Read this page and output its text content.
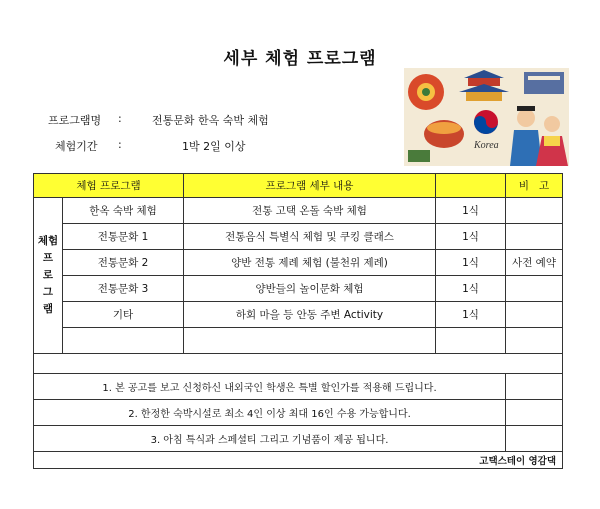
세부 체험 프로그램
프로그램명	:	전통문화 한옥 숙박 체험
체험기간	:	1박 2일 이상	Korea
체험 프로그램		프로그램 세부 내용		비   고
체험
프
로
그
램	한옥 숙박 체험	전통 고택 온돌 숙박 체험	1식	
	전통문화 1	전통음식 특별식 체험 및 쿠킹 클래스	1식	
	전통문화 2	양반 전통 제례 체험 (불천위 제례)	1식	사전 예약
	전통문화 3	양반들의 놀이문화 체험	1식	
	기타	하회 마을 등 안동 주변 Activity	1식	

1. 본 공고를 보고 신청하신 내외국인 학생은 특별 할인가를 적용해 드립니다.				
2. 한정한 숙박시설로 최소 4인 이상 최대 16인 수용 가능합니다.				
3. 아침 특식과 스페셜티 그리고 기념품이 제공 됩니다.				
고택스테이 영감댁				
